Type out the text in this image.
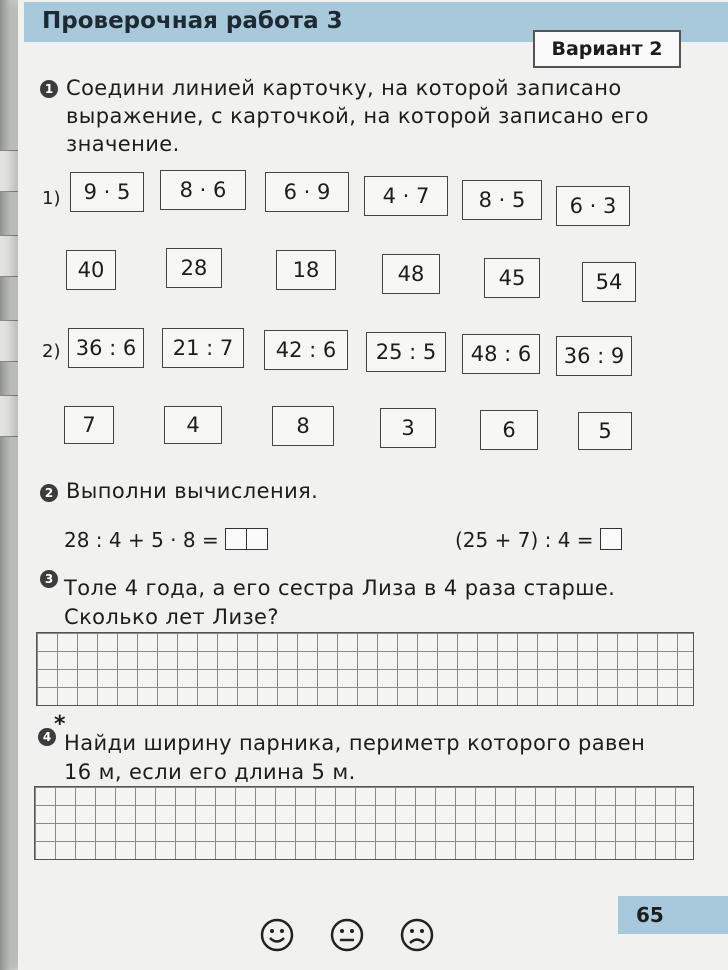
Проверочная работа 3
Вариант 2
1 Соедини линией карточку, на которой записано
выражение, с карточкой, на которой записано его
значение.
1)	9 · 5	8 · 6	6 · 9	4 · 7	8 · 5	6 · 3
40	28	18	48	45	54
2) 36 : 6	21 : 7	42 : 6	25 : 5	48 : 6	36 : 9
7	4	8	3	6	5
2 Выполни вычисления.
28 : 4 + 5 · 8 =	(25 + 7) : 4 =
3 Толе 4 года, а его сестра Лиза в 4 раза старше.
Сколько лет Лизе?
4 *
Найди ширину парника, периметр которого равен
16 м, если его длина 5 м.
65
